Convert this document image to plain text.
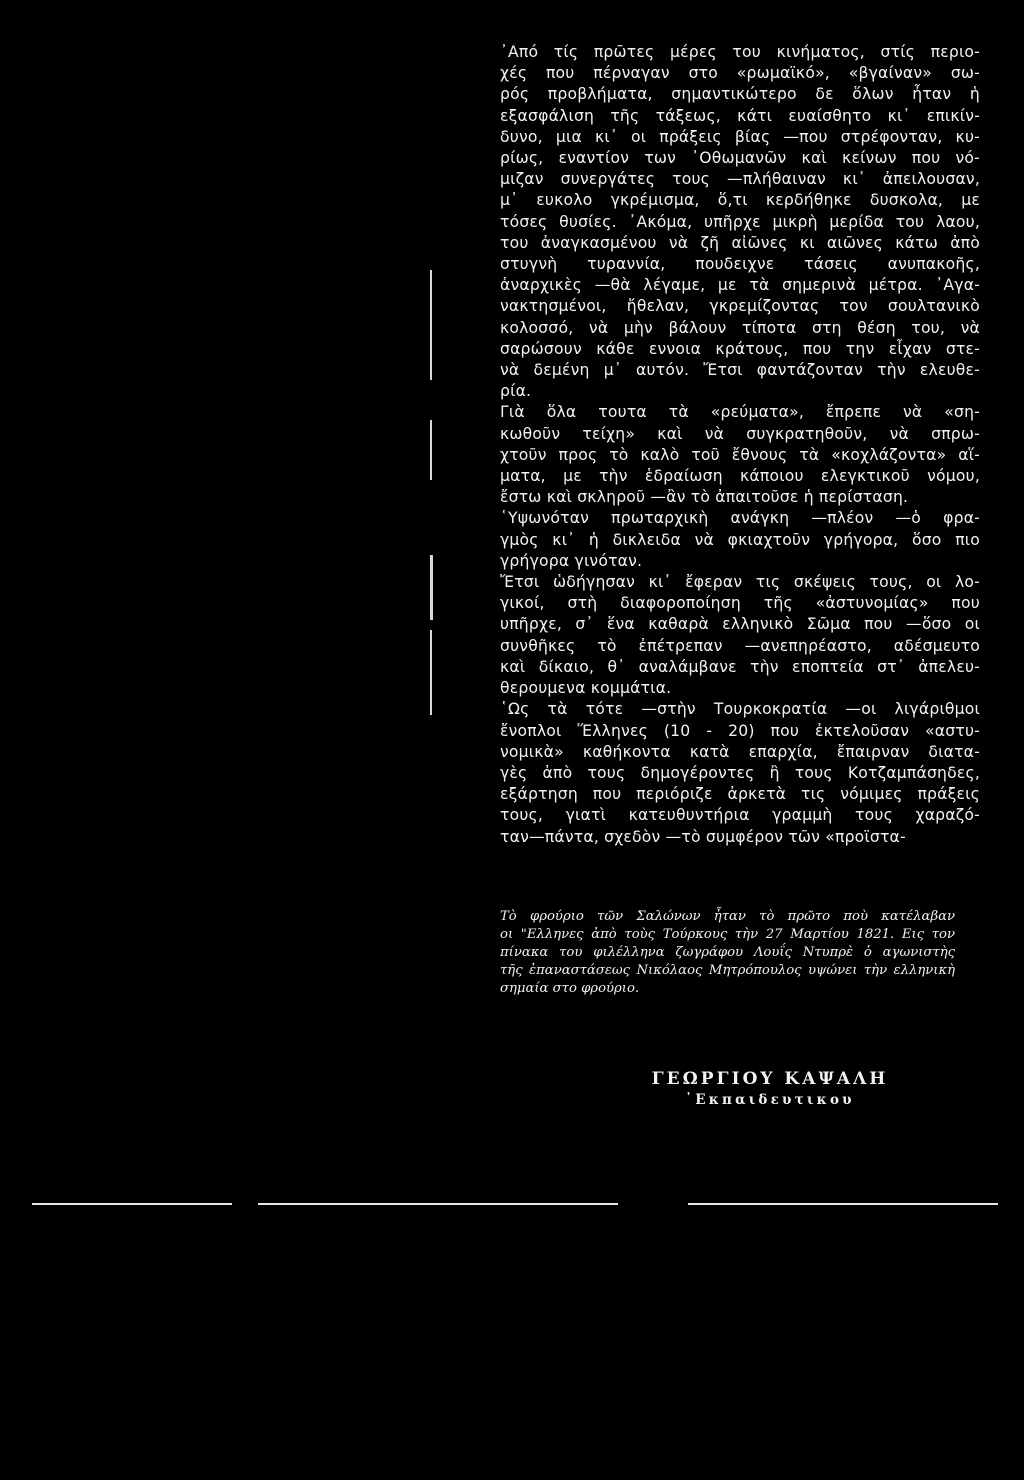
᾿Από τίς πρῶτες μέρες του κινήματος, στίς περιο-
χές που πέρναγαν στο «ρωμαϊκό», «βγαίναν» σω-
ρός προβλήματα, σημαντικώτερο δε ὅλων ἦταν ἡ
εξασφάλιση τῆς τάξεως, κάτι ευαίσθητο κι᾿ επικίν-
δυνο, μια κι᾿ οι πράξεις βίας —που στρέφονταν, κυ-
ρίως, εναντίον των ᾿Οθωμανῶν καὶ κείνων που νό-
μιζαν συνεργάτες τους —πλήθαιναν κι᾿ ἀπειλουσαν,
μ᾿ ευκολο γκρέμισμα, ὅ,τι κερδήθηκε δυσκολα, με
τόσες θυσίες. ᾿Ακόμα, υπῆρχε μικρὴ μερίδα του λαου,
του ἀναγκασμένου νὰ ζῆ αἰῶνες κι αιῶνες κάτω ἀπὸ
στυγνὴ τυραννία, πουδειχνε τάσεις ανυπακοῆς,
ἀναρχικὲς —θὰ λέγαμε, με τὰ σημερινὰ μέτρα. ᾿Αγα-
νακτησμένοι, ἤθελαν, γκρεμίζοντας τον σουλτανικὸ
κολοσσό, νὰ μὴν βάλουν τίποτα στη θέση του, νὰ
σαρώσουν κάθε εννοια κράτους, που την εἶχαν στε-
νὰ δεμένη μ᾿ αυτόν. Ἔτσι φαντάζονταν τὴν ελευθε-
ρία.
Γιὰ ὅλα τουτα τὰ «ρεύματα», ἔπρεπε νὰ «ση-
κωθοῦν τείχη» καὶ νὰ συγκρατηθοῦν, νὰ σπρω-
χτοῦν προς τὸ καλὸ τοῦ ἔθνους τὰ «κοχλάζοντα» αἵ-
ματα, με τὴν ἑδραίωση κάποιου ελεγκτικοῦ νόμου,
ἔστω καὶ σκληροῦ —ἂν τὸ ἀπαιτοῦσε ἡ περίσταση.
῾Υψωνόταν πρωταρχικὴ ανάγκη —πλέον —ὁ φρα-
γμὸς κι᾿ ἡ δικλειδα νὰ φκιαχτοῦν γρήγορα, ὅσο πιο
γρήγορα γινόταν.
Ἔτσι ὡδήγησαν κι᾿ ἔφεραν τις σκέψεις τους, οι λο-
γικοί, στὴ διαφοροποίηση τῆς «ἀστυνομίας» που
υπῆρχε, σ᾿ ἕνα καθαρὰ ελληνικὸ Σῶμα που —ὅσο οι
συνθῆκες τὸ ἐπέτρεπαν —ανεπηρέαστο, αδέσμευτο
καὶ δίκαιο, θ᾿ αναλάμβανε τὴν εποπτεία στ᾿ ἀπελευ-
θερουμενα κομμάτια.
῾Ως τὰ τότε —στὴν Τουρκοκρατία —οι λιγάριθμοι
ἔνοπλοι Ἕλληνες (10 - 20) που ἐκτελοῦσαν «αστυ-
νομικὰ» καθήκοντα κατὰ επαρχία, ἔπαιρναν διατα-
γὲς ἀπὸ τους δημογέροντες ἢ τους Κοτζαμπάσηδες,
εξάρτηση που περιόριζε ἀρκετὰ τις νόμιμες πράξεις
τους, γιατὶ κατευθυντήρια γραμμὴ τους χαραζό-
ταν—πάντα, σχεδὸν —τὸ συμφέρον τῶν «προϊστα-
Τὸ φρούριο τῶν Σαλώνων ἦταν τὸ πρῶτο ποὺ κατέλαβαν
οι "Ελληνες ἀπὸ τοὺς Τούρκους τὴν 27 Μαρτίου 1821. Εις τον
πίνακα του φιλέλληνα ζωγράφου Λουΐς Ντυπρὲ ὁ αγωνιστὴς
τῆς ἐπαναστάσεως Νικόλαος Μητρόπουλος υψώνει τὴν ελληνικὴ
σημαία στο φρούριο.
ΓΕΩΡΓΙΟΥ ΚΑΨΑΛΗ
᾿Εκπαιδευτικου
